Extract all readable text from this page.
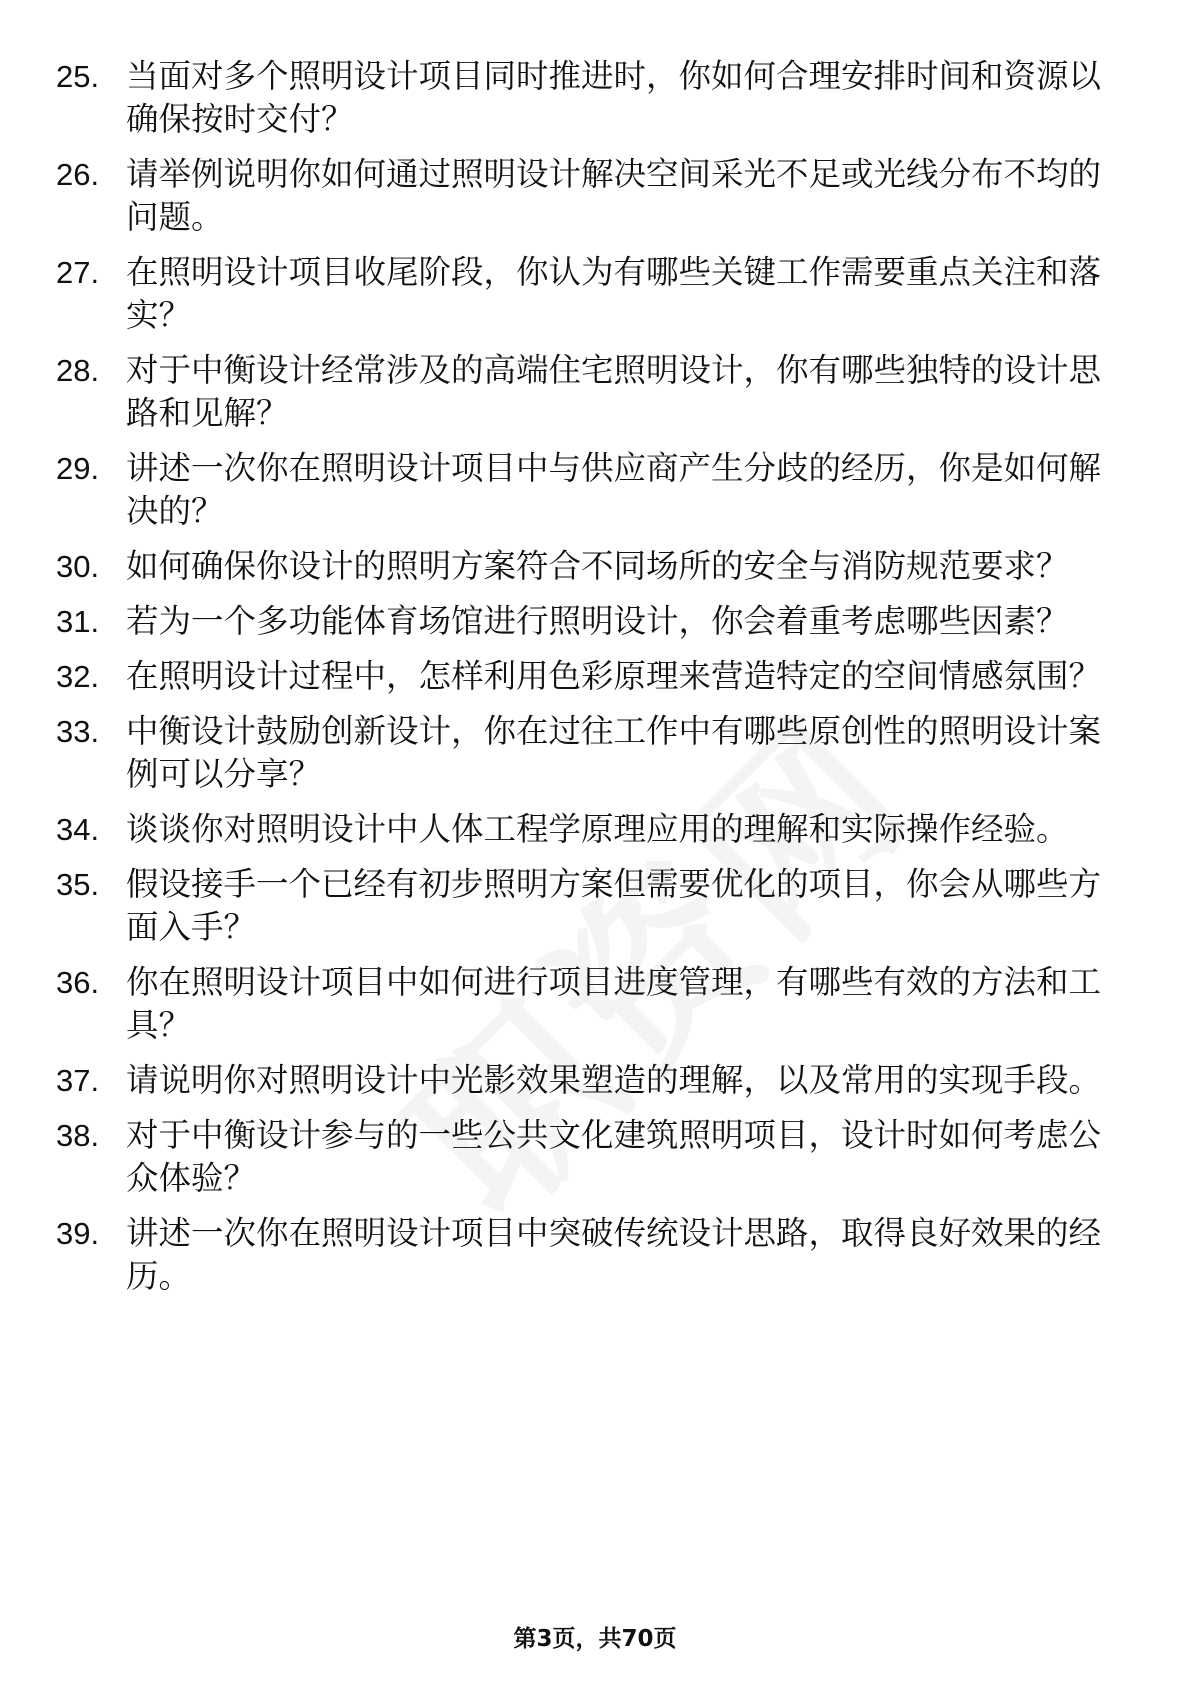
25. 当面对多个照明设计项目同时推进时，你如何合理安排时间和资源以确保按时交付？
26. 请举例说明你如何通过照明设计解决空间采光不足或光线分布不均的问题。
27. 在照明设计项目收尾阶段，你认为有哪些关键工作需要重点关注和落实？
28. 对于中衡设计经常涉及的高端住宅照明设计，你有哪些独特的设计思路和见解？
29. 讲述一次你在照明设计项目中与供应商产生分歧的经历，你是如何解决的？
30. 如何确保你设计的照明方案符合不同场所的安全与消防规范要求？
31. 若为一个多功能体育场馆进行照明设计，你会着重考虑哪些因素？
32. 在照明设计过程中，怎样利用色彩原理来营造特定的空间情感氛围？
33. 中衡设计鼓励创新设计，你在过往工作中有哪些原创性的照明设计案例可以分享？
34. 谈谈你对照明设计中人体工程学原理应用的理解和实际操作经验。
35. 假设接手一个已经有初步照明方案但需要优化的项目，你会从哪些方面入手？
36. 你在照明设计项目中如何进行项目进度管理，有哪些有效的方法和工具？
37. 请说明你对照明设计中光影效果塑造的理解，以及常用的实现手段。
38. 对于中衡设计参与的一些公共文化建筑照明项目，设计时如何考虑公众体验？
39. 讲述一次你在照明设计项目中突破传统设计思路，取得良好效果的经历。
第3页，共70页
